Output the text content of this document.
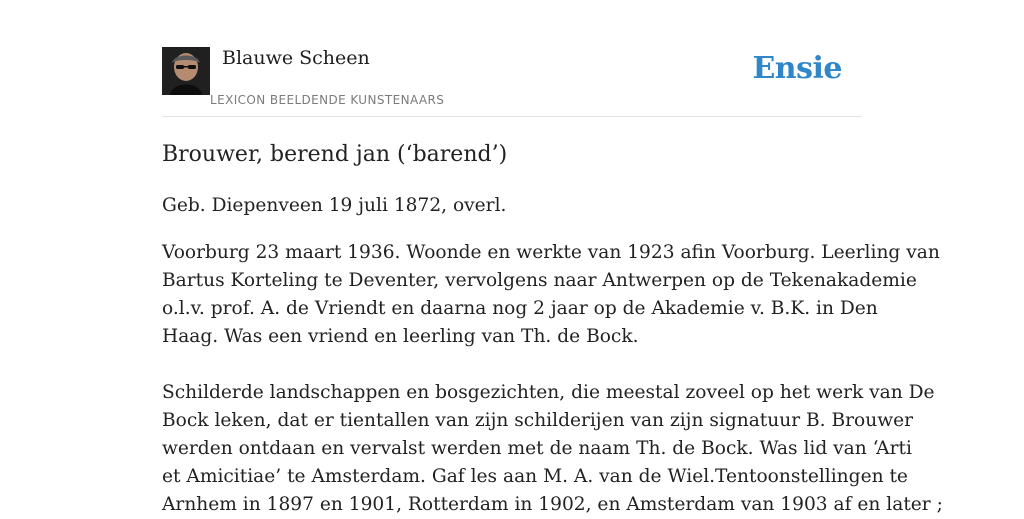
Blauwe Scheen
LEXICON BEELDENDE KUNSTENAARS
Ensie
Brouwer, berend jan (‘barend’)
Geb. Diepenveen 19 juli 1872, overl.
Voorburg 23 maart 1936. Woonde en werkte van 1923 afin Voorburg. Leerling van
Bartus Korteling te Deventer, vervolgens naar Antwerpen op de Tekenakademie
o.l.v. prof. A. de Vriendt en daarna nog 2 jaar op de Akademie v. B.K. in Den
Haag. Was een vriend en leerling van Th. de Bock.
Schilderde landschappen en bosgezichten, die meestal zoveel op het werk van De
Bock leken, dat er tientallen van zijn schilderijen van zijn signatuur B. Brouwer
werden ontdaan en vervalst werden met de naam Th. de Bock. Was lid van ‘Arti
et Amicitiae’ te Amsterdam. Gaf les aan M. A. van de Wiel.Tentoonstellingen te
Arnhem in 1897 en 1901, Rotterdam in 1902, en Amsterdam van 1903 af en later ;
